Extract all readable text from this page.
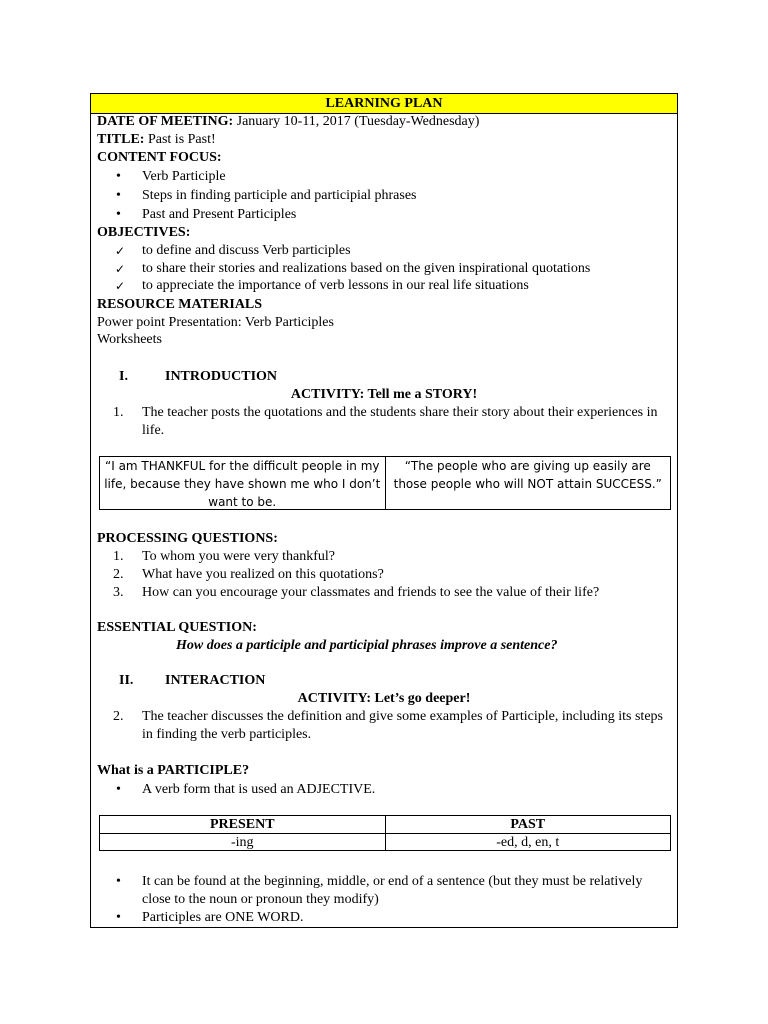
LEARNING PLAN
DATE OF MEETING: January 10-11, 2017 (Tuesday-Wednesday)
TITLE: Past is Past!
CONTENT FOCUS:
• Verb Participle
• Steps in finding participle and participial phrases
• Past and Present Participles
OBJECTIVES:
✓ to define and discuss Verb participles
✓ to share their stories and realizations based on the given inspirational quotations
✓ to appreciate the importance of verb lessons in our real life situations
RESOURCE MATERIALS
Power point Presentation: Verb Participles
Worksheets
I.	INTRODUCTION
ACTIVITY: Tell me a STORY!
1. The teacher posts the quotations and the students share their story about their experiences in life.
“I am THANKFUL for the difficult people in my life, because they have shown me who I don’t want to be.
“The people who are giving up easily are those people who will NOT attain SUCCESS.”
PROCESSING QUESTIONS:
1. To whom you were very thankful?
2. What have you realized on this quotations?
3. How can you encourage your classmates and friends to see the value of their life?
ESSENTIAL QUESTION:
How does a participle and participial phrases improve a sentence?
II. INTERACTION
ACTIVITY: Let’s go deeper!
2. The teacher discusses the definition and give some examples of Participle, including its steps in finding the verb participles.
What is a PARTICIPLE?
• A verb form that is used an ADJECTIVE.
PRESENT	PAST
-ing	-ed, d, en, t
• It can be found at the beginning, middle, or end of a sentence (but they must be relatively close to the noun or pronoun they modify)
• Participles are ONE WORD.
